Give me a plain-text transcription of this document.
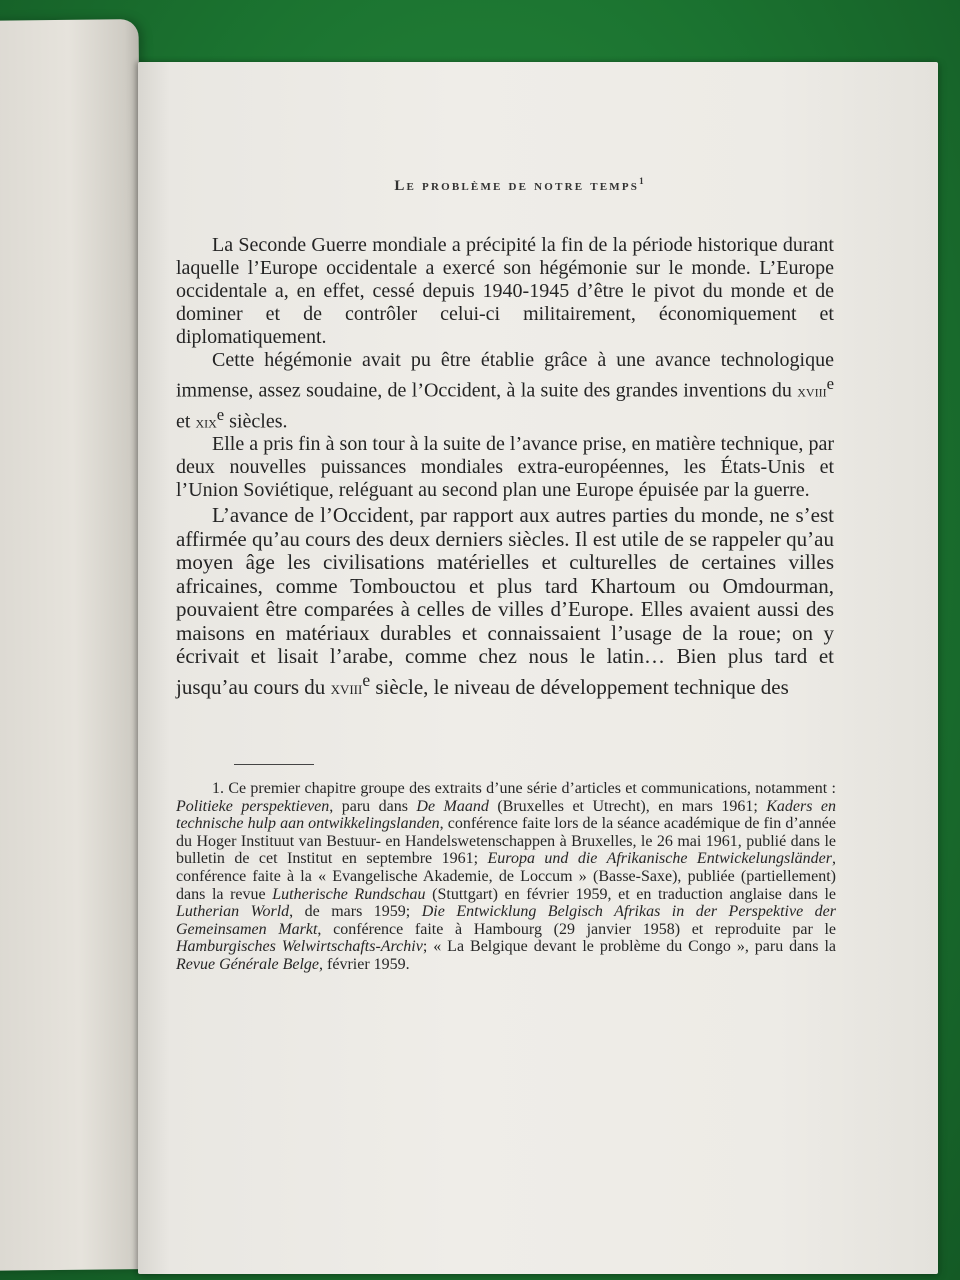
Le problème de notre temps$^1$

La Seconde Guerre mondiale a précipité la fin de la période historique durant laquelle l’Europe occidentale a exercé son hégémonie sur le monde. L’Europe occidentale a, en effet, cessé depuis 1940-1945 d’être le pivot du monde et de dominer et de contrôler celui-ci militairement, économiquement et diplomatiquement.

Cette hégémonie avait pu être établie grâce à une avance technologique immense, assez soudaine, de l’Occident, à la suite des grandes inventions du xviii$^e$ et xix$^e$ siècles.

Elle a pris fin à son tour à la suite de l’avance prise, en matière technique, par deux nouvelles puissances mondiales extra-européennes, les États-Unis et l’Union Soviétique, reléguant au second plan une Europe épuisée par la guerre.

L’avance de l’Occident, par rapport aux autres parties du monde, ne s’est affirmée qu’au cours des deux derniers siècles. Il est utile de se rappeler qu’au moyen âge les civilisations matérielles et culturelles de certaines villes africaines, comme Tombouctou et plus tard Khartoum ou Omdourman, pouvaient être comparées à celles de villes d’Europe. Elles avaient aussi des maisons en matériaux durables et connaissaient l’usage de la roue; on y écrivait et lisait l’arabe, comme chez nous le latin… Bien plus tard et jusqu’au cours du xviii$^e$ siècle, le niveau de développement technique des

1. Ce premier chapitre groupe des extraits d’une série d’articles et communications, notamment : Politieke perspektieven, paru dans De Maand (Bruxelles et Utrecht), en mars 1961; Kaders en technische hulp aan ontwikkelingslanden, conférence faite lors de la séance académique de fin d’année du Hoger Instituut van Bestuur- en Handelswetenschappen à Bruxelles, le 26 mai 1961, publié dans le bulletin de cet Institut en septembre 1961; Europa und die Afrikanische Entwickelungsländer, conférence faite à la « Evangelische Akademie, de Loccum » (Basse-Saxe), publiée (partiellement) dans la revue Lutherische Rundschau (Stuttgart) en février 1959, et en traduction anglaise dans le Lutherian World, de mars 1959; Die Entwicklung Belgisch Afrikas in der Perspektive der Gemeinsamen Markt, conférence faite à Hambourg (29 janvier 1958) et reproduite par le Hamburgisches Welwirtschafts-Archiv; « La Belgique devant le problème du Congo », paru dans la Revue Générale Belge, février 1959.
